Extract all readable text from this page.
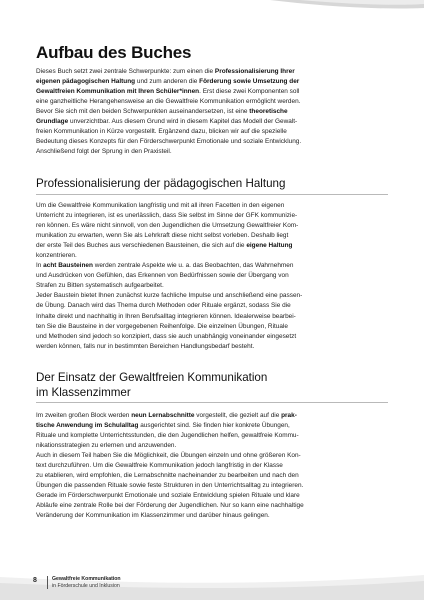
Aufbau des Buches

Dieses Buch setzt zwei zentrale Schwerpunkte: zum einen die Professionalisierung Ihrer
eigenen pädagogischen Haltung und zum anderen die Förderung sowie Umsetzung der
Gewaltfreien Kommunikation mit Ihren Schüler*innen. Erst diese zwei Komponenten soll
eine ganzheitliche Herangehensweise an die Gewaltfreie Kommunikation ermöglicht werden.
Bevor Sie sich mit den beiden Schwerpunkten auseinandersetzen, ist eine theoretische
Grundlage unverzichtbar. Aus diesem Grund wird in diesem Kapitel das Modell der Gewalt-
freien Kommunikation in Kürze vorgestellt. Ergänzend dazu, blicken wir auf die spezielle
Bedeutung dieses Konzepts für den Förderschwerpunkt Emotionale und soziale Entwicklung.
Anschließend folgt der Sprung in den Praxisteil.

Professionalisierung der pädagogischen Haltung

Um die Gewaltfreie Kommunikation langfristig und mit all ihren Facetten in den eigenen
Unterricht zu integrieren, ist es unerlässlich, dass Sie selbst im Sinne der GFK kommunizie-
ren können. Es wäre nicht sinnvoll, von den Jugendlichen die Umsetzung Gewaltfreier Kom-
munikation zu erwarten, wenn Sie als Lehrkraft diese nicht selbst vorleben. Deshalb liegt
der erste Teil des Buches aus verschiedenen Bausteinen, die sich auf die eigene Haltung
konzentrieren.
In acht Bausteinen werden zentrale Aspekte wie u. a. das Beobachten, das Wahrnehmen
und Ausdrücken von Gefühlen, das Erkennen von Bedürfnissen sowie der Übergang von
Strafen zu Bitten systematisch aufgearbeitet.
Jeder Baustein bietet Ihnen zunächst kurze fachliche Impulse und anschließend eine passen-
de Übung. Danach wird das Thema durch Methoden oder Rituale ergänzt, sodass Sie die
Inhalte direkt und nachhaltig in Ihren Berufsalltag integrieren können. Idealerweise bearbei-
ten Sie die Bausteine in der vorgegebenen Reihenfolge. Die einzelnen Übungen, Rituale
und Methoden sind jedoch so konzipiert, dass sie auch unabhängig voneinander eingesetzt
werden können, falls nur in bestimmten Bereichen Handlungsbedarf besteht.

Der Einsatz der Gewaltfreien Kommunikation
im Klassenzimmer

Im zweiten großen Block werden neun Lernabschnitte vorgestellt, die gezielt auf die prak-
tische Anwendung im Schulalltag ausgerichtet sind. Sie finden hier konkrete Übungen,
Rituale und komplette Unterrichtsstunden, die den Jugendlichen helfen, gewaltfreie Kommu-
nikationsstrategien zu erlernen und anzuwenden.
Auch in diesem Teil haben Sie die Möglichkeit, die Übungen einzeln und ohne größeren Kon-
text durchzuführen. Um die Gewaltfreie Kommunikation jedoch langfristig in der Klasse
zu etablieren, wird empfohlen, die Lernabschnitte nacheinander zu bearbeiten und nach den
Übungen die passenden Rituale sowie feste Strukturen in den Unterrichtsalltag zu integrieren.
Gerade im Förderschwerpunkt Emotionale und soziale Entwicklung spielen Rituale und klare
Abläufe eine zentrale Rolle bei der Förderung der Jugendlichen. Nur so kann eine nachhaltige
Veränderung der Kommunikation im Klassenzimmer und darüber hinaus gelingen.

8	Gewaltfreie Kommunikation
in Förderschule und Inklusion
